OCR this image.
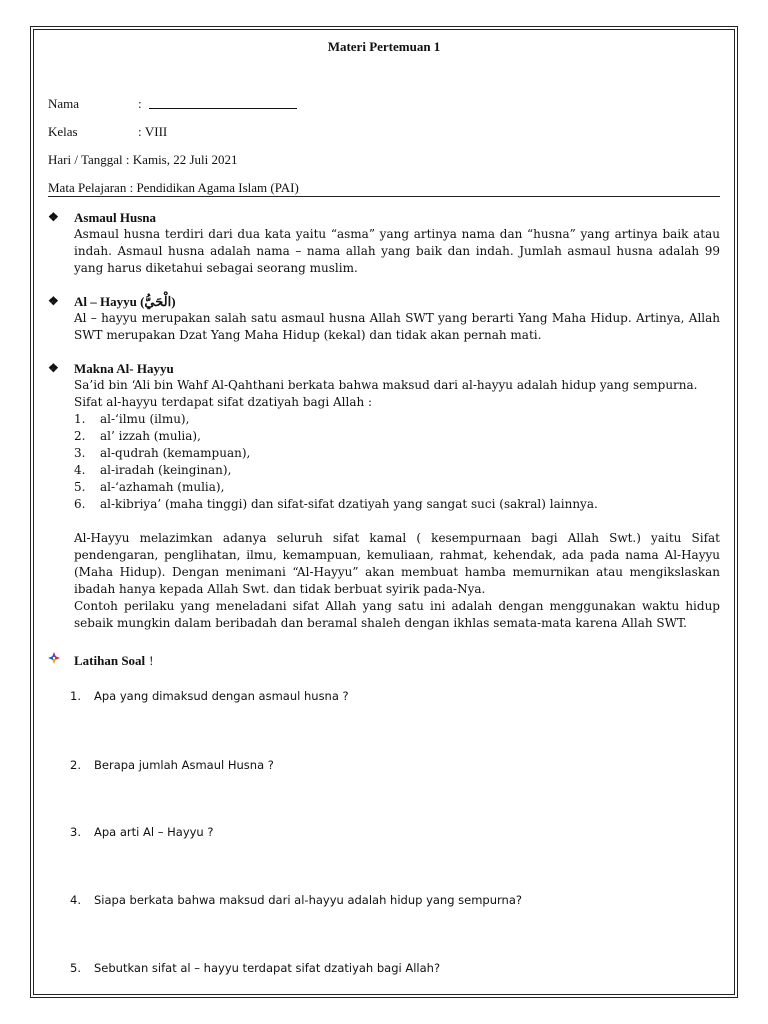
Materi Pertemuan 1
Nama	:
Kelas	: VIII
Hari / Tanggal : Kamis, 22 Juli 2021
Mata Pelajaran : Pendidikan Agama Islam (PAI)
❖	Asmaul Husna
Asmaul husna terdiri dari dua kata yaitu “asma” yang artinya nama dan “husna” yang artinya baik atau indah. Asmaul husna adalah nama – nama allah yang baik dan indah. Jumlah asmaul husna adalah 99 yang harus diketahui sebagai seorang muslim.
❖	Al – Hayyu (الْحَيُّ)
Al – hayyu merupakan salah satu asmaul husna Allah SWT yang berarti Yang Maha Hidup. Artinya, Allah SWT merupakan Dzat Yang Maha Hidup (kekal) dan tidak akan pernah mati.
❖	Makna Al- Hayyu
Sa’id bin ‘Ali bin Wahf Al-Qahthani berkata bahwa maksud dari al-hayyu adalah hidup yang sempurna.
Sifat al-hayyu terdapat sifat dzatiyah bagi Allah :
1.	al-‘ilmu (ilmu),
2.	al’ izzah (mulia),
3.	al-qudrah (kemampuan),
4.	al-iradah (keinginan),
5.	al-‘azhamah (mulia),
6.	al-kibriya’ (maha tinggi) dan sifat-sifat dzatiyah yang sangat suci (sakral) lainnya.
Al-Hayyu melazimkan adanya seluruh sifat kamal ( kesempurnaan bagi Allah Swt.) yaitu Sifat pendengaran, penglihatan, ilmu, kemampuan, kemuliaan, rahmat, kehendak, ada pada nama Al-Hayyu (Maha Hidup). Dengan menimani “Al-Hayyu” akan membuat hamba memurnikan atau mengikslaskan ibadah hanya kepada Allah Swt. dan tidak berbuat syirik pada-Nya.
Contoh perilaku yang meneladani sifat Allah yang satu ini adalah dengan menggunakan waktu hidup sebaik mungkin dalam beribadah dan beramal shaleh dengan ikhlas semata-mata karena Allah SWT.
Latihan Soal !
1.	Apa yang dimaksud dengan asmaul husna ?
2.	Berapa jumlah Asmaul Husna ?
3.	Apa arti Al – Hayyu ?
4.	Siapa berkata bahwa maksud dari al-hayyu adalah hidup yang sempurna?
5.	Sebutkan sifat al – hayyu terdapat sifat dzatiyah bagi Allah?
